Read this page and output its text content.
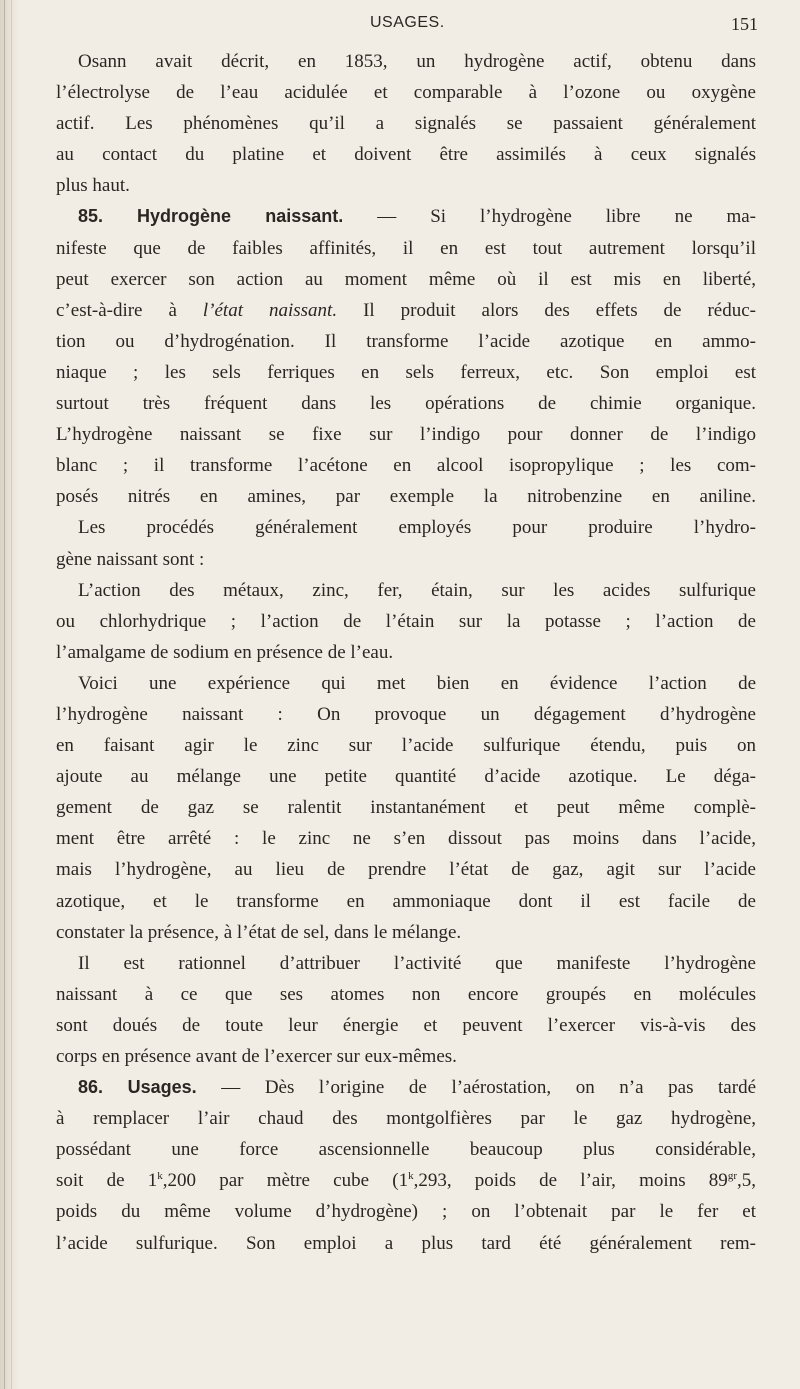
USAGES.	151
Osann avait décrit, en 1853, un hydrogène actif, obtenu dans
l’électrolyse de l’eau acidulée et comparable à l’ozone ou oxygène
actif. Les phénomènes qu’il a signalés se passaient généralement
au contact du platine et doivent être assimilés à ceux signalés
plus haut.
85. Hydrogène naissant. — Si l’hydrogène libre ne ma-
nifeste que de faibles affinités, il en est tout autrement lorsqu’il
peut exercer son action au moment même où il est mis en liberté,
c’est-à-dire à l’état naissant. Il produit alors des effets de réduc-
tion ou d’hydrogénation. Il transforme l’acide azotique en ammo-
niaque ; les sels ferriques en sels ferreux, etc. Son emploi est
surtout très fréquent dans les opérations de chimie organique.
L’hydrogène naissant se fixe sur l’indigo pour donner de l’indigo
blanc ; il transforme l’acétone en alcool isopropylique ; les com-
posés nitrés en amines, par exemple la nitrobenzine en aniline.
Les procédés généralement employés pour produire l’hydro-
gène naissant sont :
L’action des métaux, zinc, fer, étain, sur les acides sulfurique
ou chlorhydrique ; l’action de l’étain sur la potasse ; l’action de
l’amalgame de sodium en présence de l’eau.
Voici une expérience qui met bien en évidence l’action de
l’hydrogène naissant : On provoque un dégagement d’hydrogène
en faisant agir le zinc sur l’acide sulfurique étendu, puis on
ajoute au mélange une petite quantité d’acide azotique. Le déga-
gement de gaz se ralentit instantanément et peut même complè-
ment être arrêté : le zinc ne s’en dissout pas moins dans l’acide,
mais l’hydrogène, au lieu de prendre l’état de gaz, agit sur l’acide
azotique, et le transforme en ammoniaque dont il est facile de
constater la présence, à l’état de sel, dans le mélange.
Il est rationnel d’attribuer l’activité que manifeste l’hydrogène
naissant à ce que ses atomes non encore groupés en molécules
sont doués de toute leur énergie et peuvent l’exercer vis-à-vis des
corps en présence avant de l’exercer sur eux-mêmes.
86. Usages. — Dès l’origine de l’aérostation, on n’a pas tardé
à remplacer l’air chaud des montgolfières par le gaz hydrogène,
possédant une force ascensionnelle beaucoup plus considérable,
soit de 1$^k$,200 par mètre cube (1$^k$,293, poids de l’air, moins $89^{gr},5$,
poids du même volume d’hydrogène) ; on l’obtenait par le fer et
l’acide sulfurique. Son emploi a plus tard été généralement rem-
